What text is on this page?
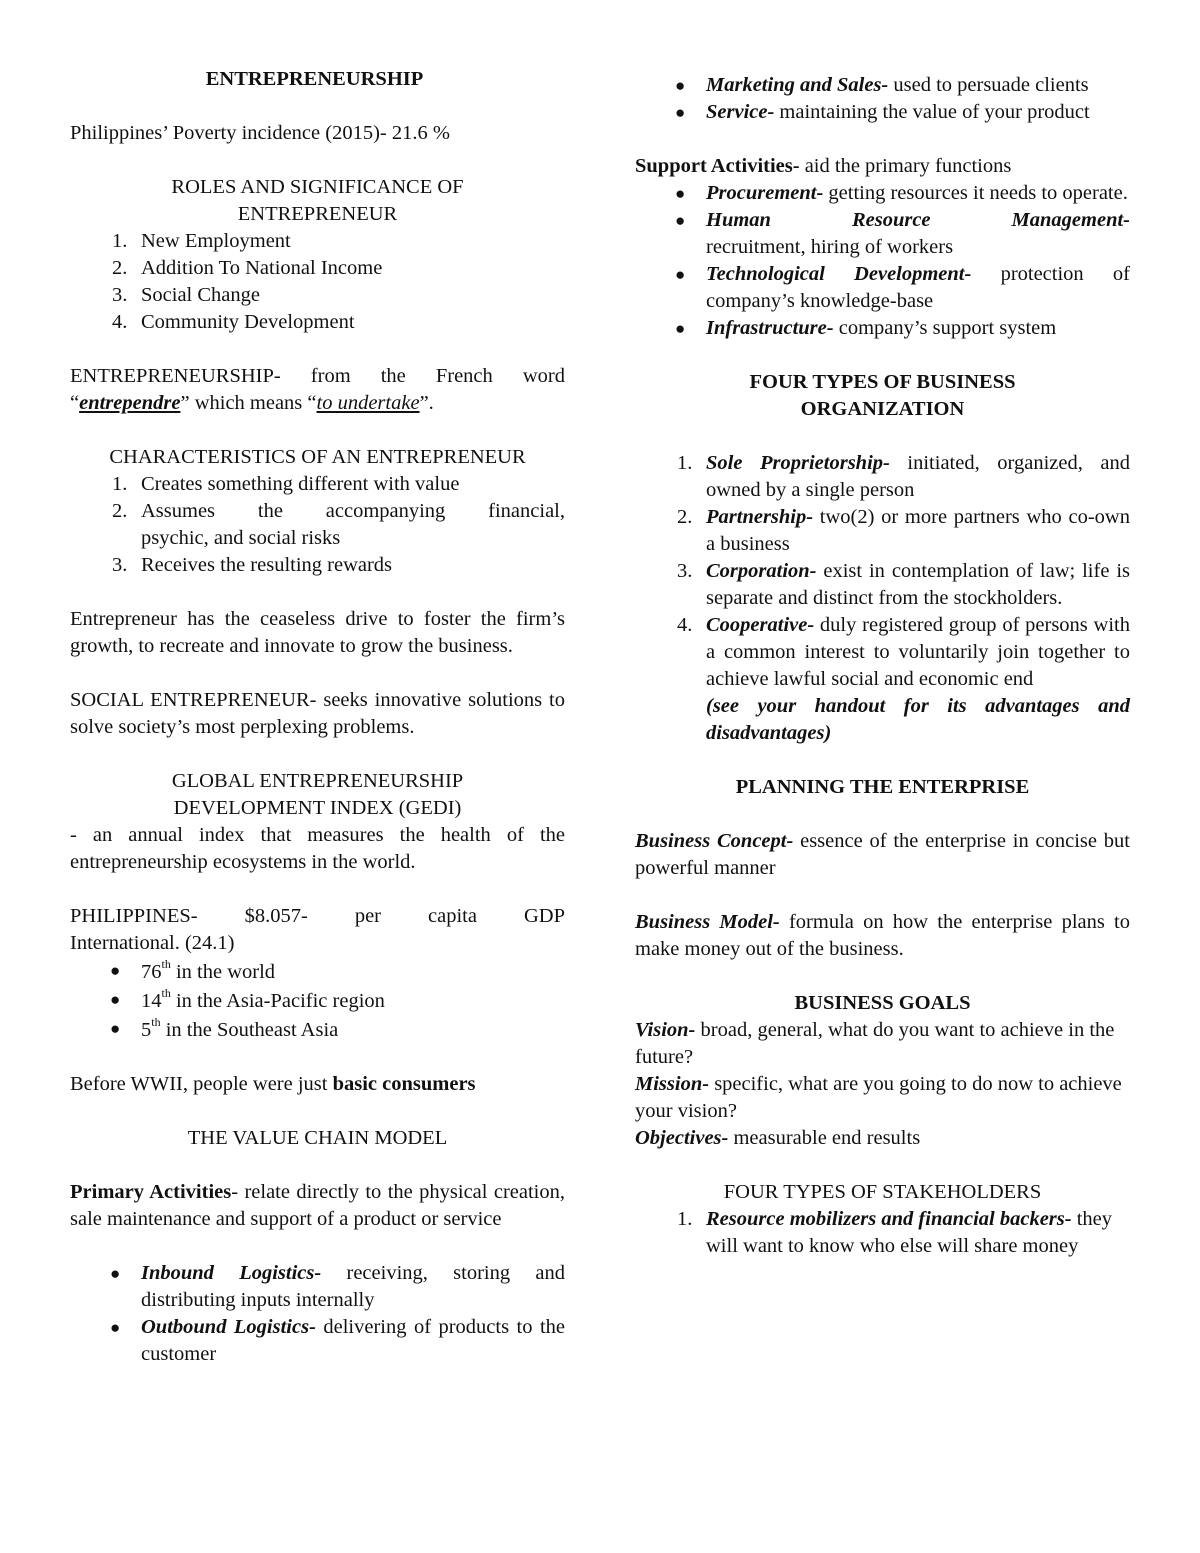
ENTREPRENEURSHIP

Philippines’ Poverty incidence (2015)- 21.6 %

ROLES AND SIGNIFICANCE OF

ENTREPRENEUR

1. New Employment
2. Addition To National Income
3. Social Change
4. Community Development

ENTREPRENEURSHIP- from the French word

“entrependre” which means “to undertake”.

CHARACTERISTICS OF AN ENTREPRENEUR

1. Creates something different with value
2. Assumes the accompanying financial,
psychic, and social risks
3. Receives the resulting rewards

Entrepreneur has the ceaseless drive to foster the firm’s growth, to recreate and innovate to grow the business.

SOCIAL ENTREPRENEUR- seeks innovative solutions to solve society’s most perplexing problems.

GLOBAL ENTREPRENEURSHIP

DEVELOPMENT INDEX (GEDI)

- an annual index that measures the health of the entrepreneurship ecosystems in the world.

PHILIPPINES- $8.057- per capita GDP

International. (24.1)

●
76th in the world
●
14th in the Asia-Pacific region
●
5th in the Southeast Asia

Before WWII, people were just basic consumers

THE VALUE CHAIN MODEL

Primary Activities- relate directly to the physical creation, sale maintenance and support of a product or service

●
Inbound Logistics- receiving, storing and distributing inputs internally
●
Outbound Logistics- delivering of products to the customer
●
Marketing and Sales- used to persuade clients
●
Service- maintaining the value of your product

Support Activities- aid the primary functions

●
Procurement- getting resources it needs to operate.
●
Human Resource Management-
recruitment, hiring of workers
●
Technological Development- protection of company’s knowledge-base
●
Infrastructure- company’s support system

FOUR TYPES OF BUSINESS

ORGANIZATION

1. Sole Proprietorship- initiated, organized, and owned by a single person
2. Partnership- two(2) or more partners who co-own a business
3. Corporation- exist in contemplation of law; life is separate and distinct from the stockholders.
4. Cooperative- duly registered group of persons with a common interest to voluntarily join together to achieve lawful social and economic end
(see your handout for its advantages and disadvantages)

PLANNING THE ENTERPRISE

Business Concept- essence of the enterprise in concise but powerful manner

Business Model- formula on how the enterprise plans to make money out of the business.

BUSINESS GOALS

Vision- broad, general, what do you want to achieve in the future?

Mission- specific, what are you going to do now to achieve your vision?

Objectives- measurable end results

FOUR TYPES OF STAKEHOLDERS

1. Resource mobilizers and financial backers- they will want to know who else will share money
